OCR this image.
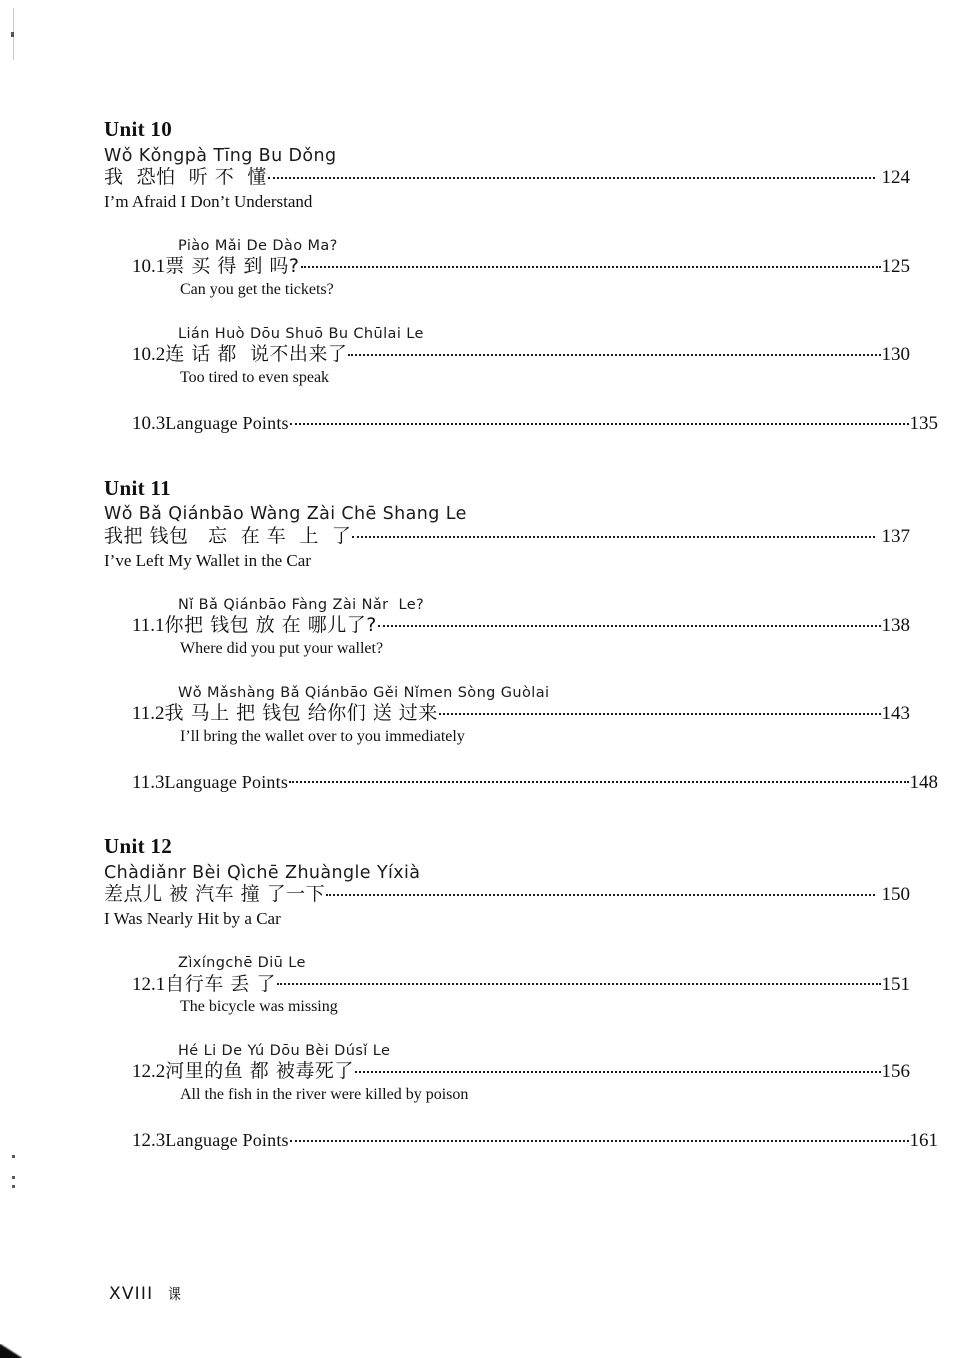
Unit 10
Wǒ Kǒngpà Tīng Bu Dǒng
我  恐怕  听 不  懂	124
I’m Afraid I Don’t Understand
Piào Mǎi De Dào Ma?
10.1 票 买 得 到 吗?	125
Can you get the tickets?
Lián Huò Dōu Shuō Bu Chūlai Le
10.2 连 话 都  说不出来了	130
Too tired to even speak
10.3 Language Points	135
Unit 11
Wǒ Bǎ Qiánbāo Wàng Zài Chē Shang Le
我把 钱包   忘  在 车  上  了	137
I’ve Left My Wallet in the Car
Nǐ Bǎ Qiánbāo Fàng Zài Nǎr  Le?
11.1 你把 钱包 放 在 哪儿了?	138
Where did you put your wallet?
Wǒ Mǎshàng Bǎ Qiánbāo Gěi Nǐmen Sòng Guòlai
11.2 我 马上 把 钱包 给你们 送 过来	143
I’ll bring the wallet over to you immediately
11.3 Language Points	148
Unit 12
Chàdiǎnr Bèi Qìchē Zhuàngle Yíxià
差点儿 被 汽车 撞 了一下	150
I Was Nearly Hit by a Car
Zìxíngchē Diū Le
12.1 自行车 丢 了	151
The bicycle was missing
Hé Li De Yú Dōu Bèi Dúsǐ Le
12.2 河里的鱼 都 被毒死了	156
All the fish in the river were killed by poison
12.3 Language Points	161
XVIII 课
